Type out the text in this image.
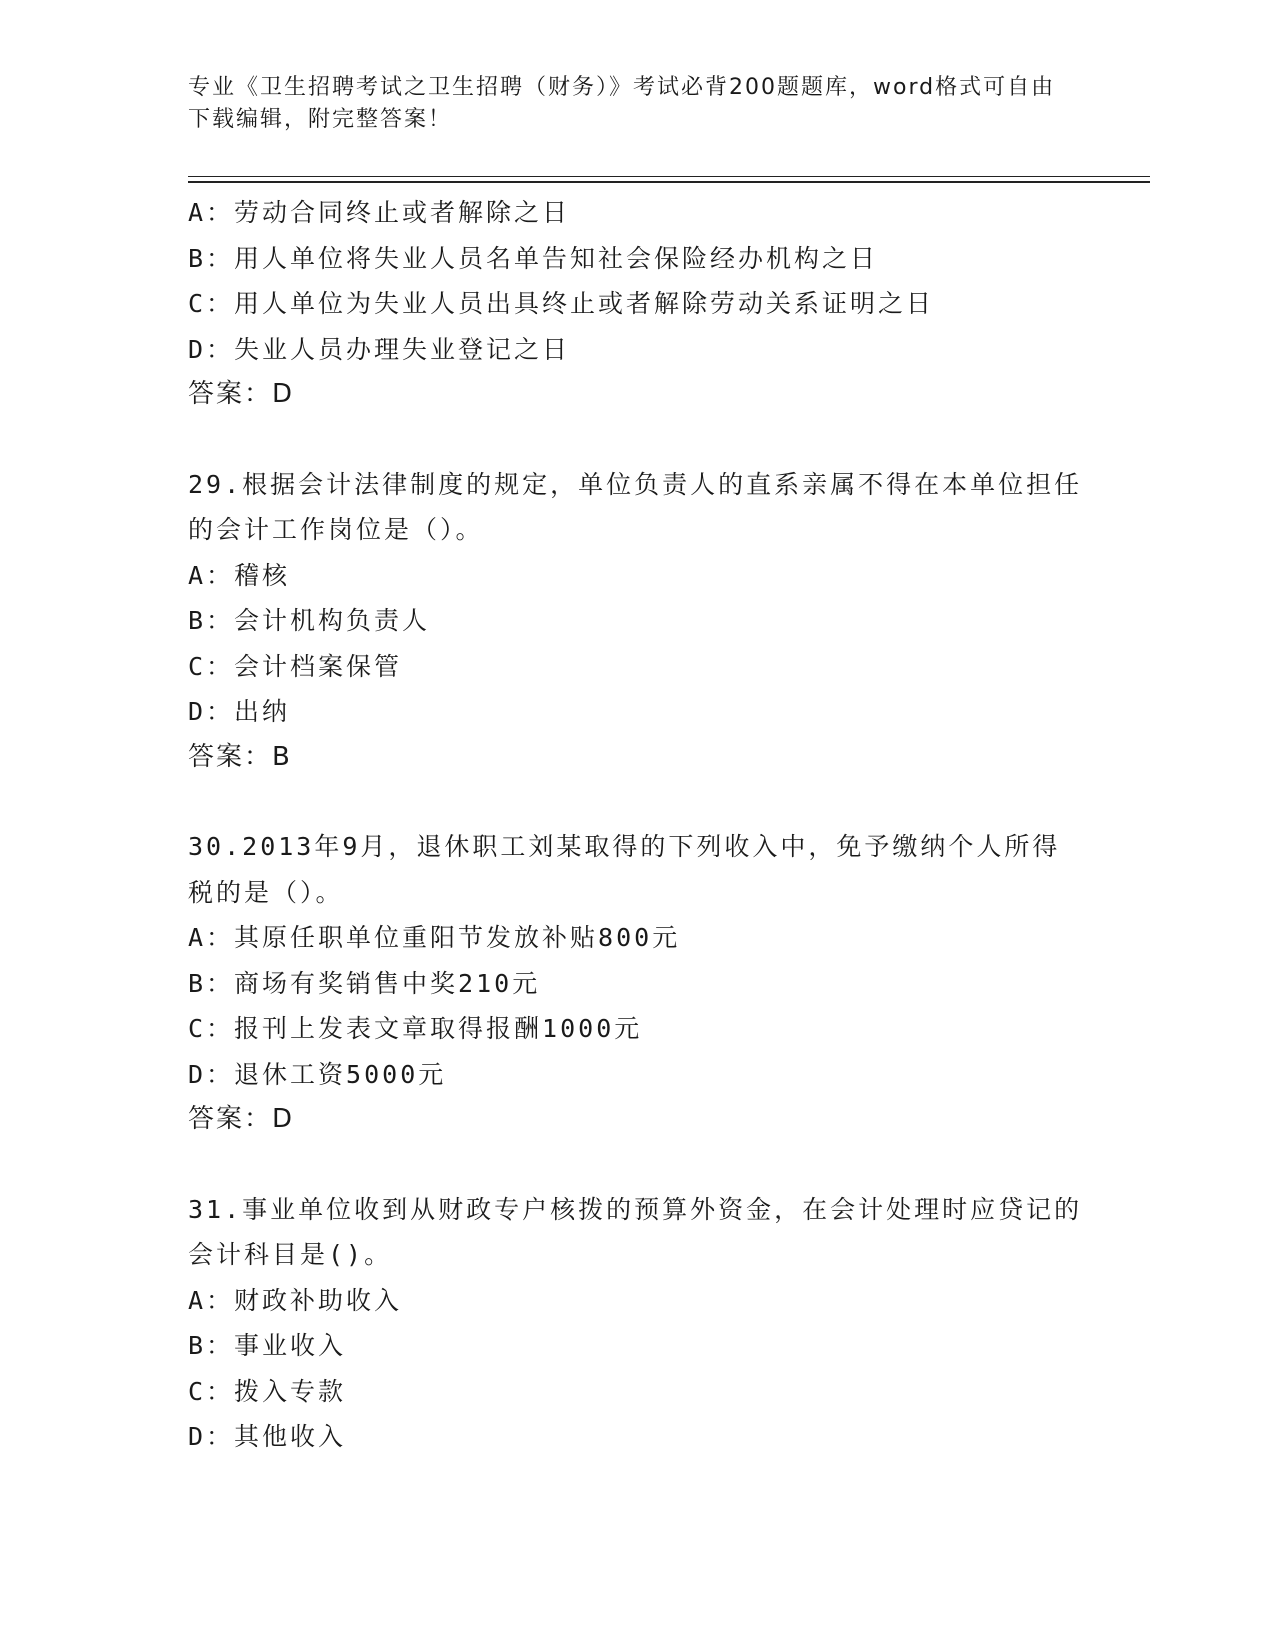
专业《卫生招聘考试之卫生招聘（财务）》考试必背200题题库，word格式可自由下载编辑，附完整答案！
A：劳动合同终止或者解除之日
B：用人单位将失业人员名单告知社会保险经办机构之日
C：用人单位为失业人员出具终止或者解除劳动关系证明之日
D：失业人员办理失业登记之日
答案：D
29.根据会计法律制度的规定，单位负责人的直系亲属不得在本单位担任的会计工作岗位是（）。
A：稽核
B：会计机构负责人
C：会计档案保管
D：出纳
答案：B
30.2013年9月，退休职工刘某取得的下列收入中，免予缴纳个人所得税的是（）。
A：其原任职单位重阳节发放补贴800元
B：商场有奖销售中奖210元
C：报刊上发表文章取得报酬1000元
D：退休工资5000元
答案：D
31.事业单位收到从财政专户核拨的预算外资金，在会计处理时应贷记的会计科目是()。
A：财政补助收入
B：事业收入
C：拨入专款
D：其他收入
